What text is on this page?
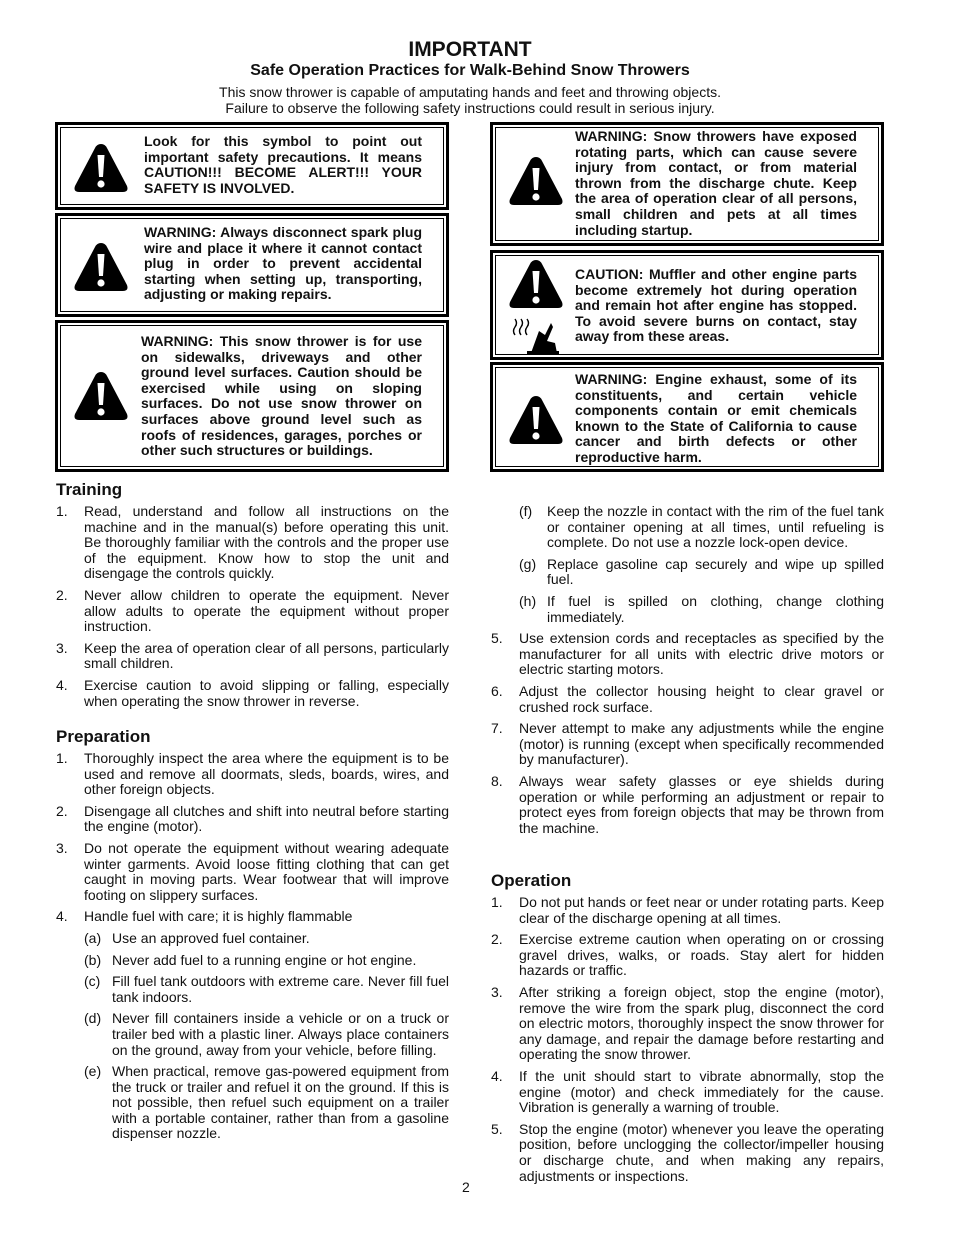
IMPORTANT
Safe Operation Practices for Walk-Behind Snow Throwers
This snow thrower is capable of amputating hands and feet and throwing objects.
Failure to observe the following safety instructions could result in serious injury.
Look for this symbol to point out important safety precautions. It means CAUTION!!! BECOME ALERT!!! YOUR SAFETY IS INVOLVED.
WARNING: Always disconnect spark plug wire and place it where it cannot contact plug in order to prevent accidental starting when setting up, transporting, adjusting or making repairs.
WARNING: This snow thrower is for use on sidewalks, driveways and other ground level surfaces. Caution should be exercised while using on sloping surfaces. Do not use snow thrower on surfaces above ground level such as roofs of residences, garages, porches or other such structures or buildings.
WARNING: Snow throwers have exposed rotating parts, which can cause severe injury from contact, or from material thrown from the discharge chute. Keep the area of operation clear of all persons, small children and pets at all times including startup.
CAUTION: Muffler and other engine parts become extremely hot during operation and remain hot after engine has stopped. To avoid severe burns on contact, stay away from these areas.
WARNING: Engine exhaust, some of its constituents, and certain vehicle components contain or emit chemicals known to the State of California to cause cancer and birth defects or other reproductive harm.
Training
1. Read, understand and follow all instructions on the machine and in the manual(s) before operating this unit. Be thoroughly familiar with the controls and the proper use of the equipment. Know how to stop the unit and disengage the controls quickly.
2. Never allow children to operate the equipment. Never allow adults to operate the equipment without proper instruction.
3. Keep the area of operation clear of all persons, particularly small children.
4. Exercise caution to avoid slipping or falling, especially when operating the snow thrower in reverse.
Preparation
1. Thoroughly inspect the area where the equipment is to be used and remove all doormats, sleds, boards, wires, and other foreign objects.
2. Disengage all clutches and shift into neutral before starting the engine (motor).
3. Do not operate the equipment without wearing adequate winter garments. Avoid loose fitting clothing that can get caught in moving parts. Wear footwear that will improve footing on slippery surfaces.
4. Handle fuel with care; it is highly flammable
(a) Use an approved fuel container.
(b) Never add fuel to a running engine or hot engine.
(c) Fill fuel tank outdoors with extreme care. Never fill fuel tank indoors.
(d) Never fill containers inside a vehicle or on a truck or trailer bed with a plastic liner. Always place containers on the ground, away from your vehicle, before filling.
(e) When practical, remove gas-powered equipment from the truck or trailer and refuel it on the ground. If this is not possible, then refuel such equipment on a trailer with a portable container, rather than from a gasoline dispenser nozzle.
(f) Keep the nozzle in contact with the rim of the fuel tank or container opening at all times, until refueling is complete. Do not use a nozzle lock-open device.
(g) Replace gasoline cap securely and wipe up spilled fuel.
(h) If fuel is spilled on clothing, change clothing immediately.
5. Use extension cords and receptacles as specified by the manufacturer for all units with electric drive motors or electric starting motors.
6. Adjust the collector housing height to clear gravel or crushed rock surface.
7. Never attempt to make any adjustments while the engine (motor) is running (except when specifically recommended by manufacturer).
8. Always wear safety glasses or eye shields during operation or while performing an adjustment or repair to protect eyes from foreign objects that may be thrown from the machine.
Operation
1. Do not put hands or feet near or under rotating parts. Keep clear of the discharge opening at all times.
2. Exercise extreme caution when operating on or crossing gravel drives, walks, or roads. Stay alert for hidden hazards or traffic.
3. After striking a foreign object, stop the engine (motor), remove the wire from the spark plug, disconnect the cord on electric motors, thoroughly inspect the snow thrower for any damage, and repair the damage before restarting and operating the snow thrower.
4. If the unit should start to vibrate abnormally, stop the engine (motor) and check immediately for the cause. Vibration is generally a warning of trouble.
5. Stop the engine (motor) whenever you leave the operating position, before unclogging the collector/impeller housing or discharge chute, and when making any repairs, adjustments or inspections.
2
